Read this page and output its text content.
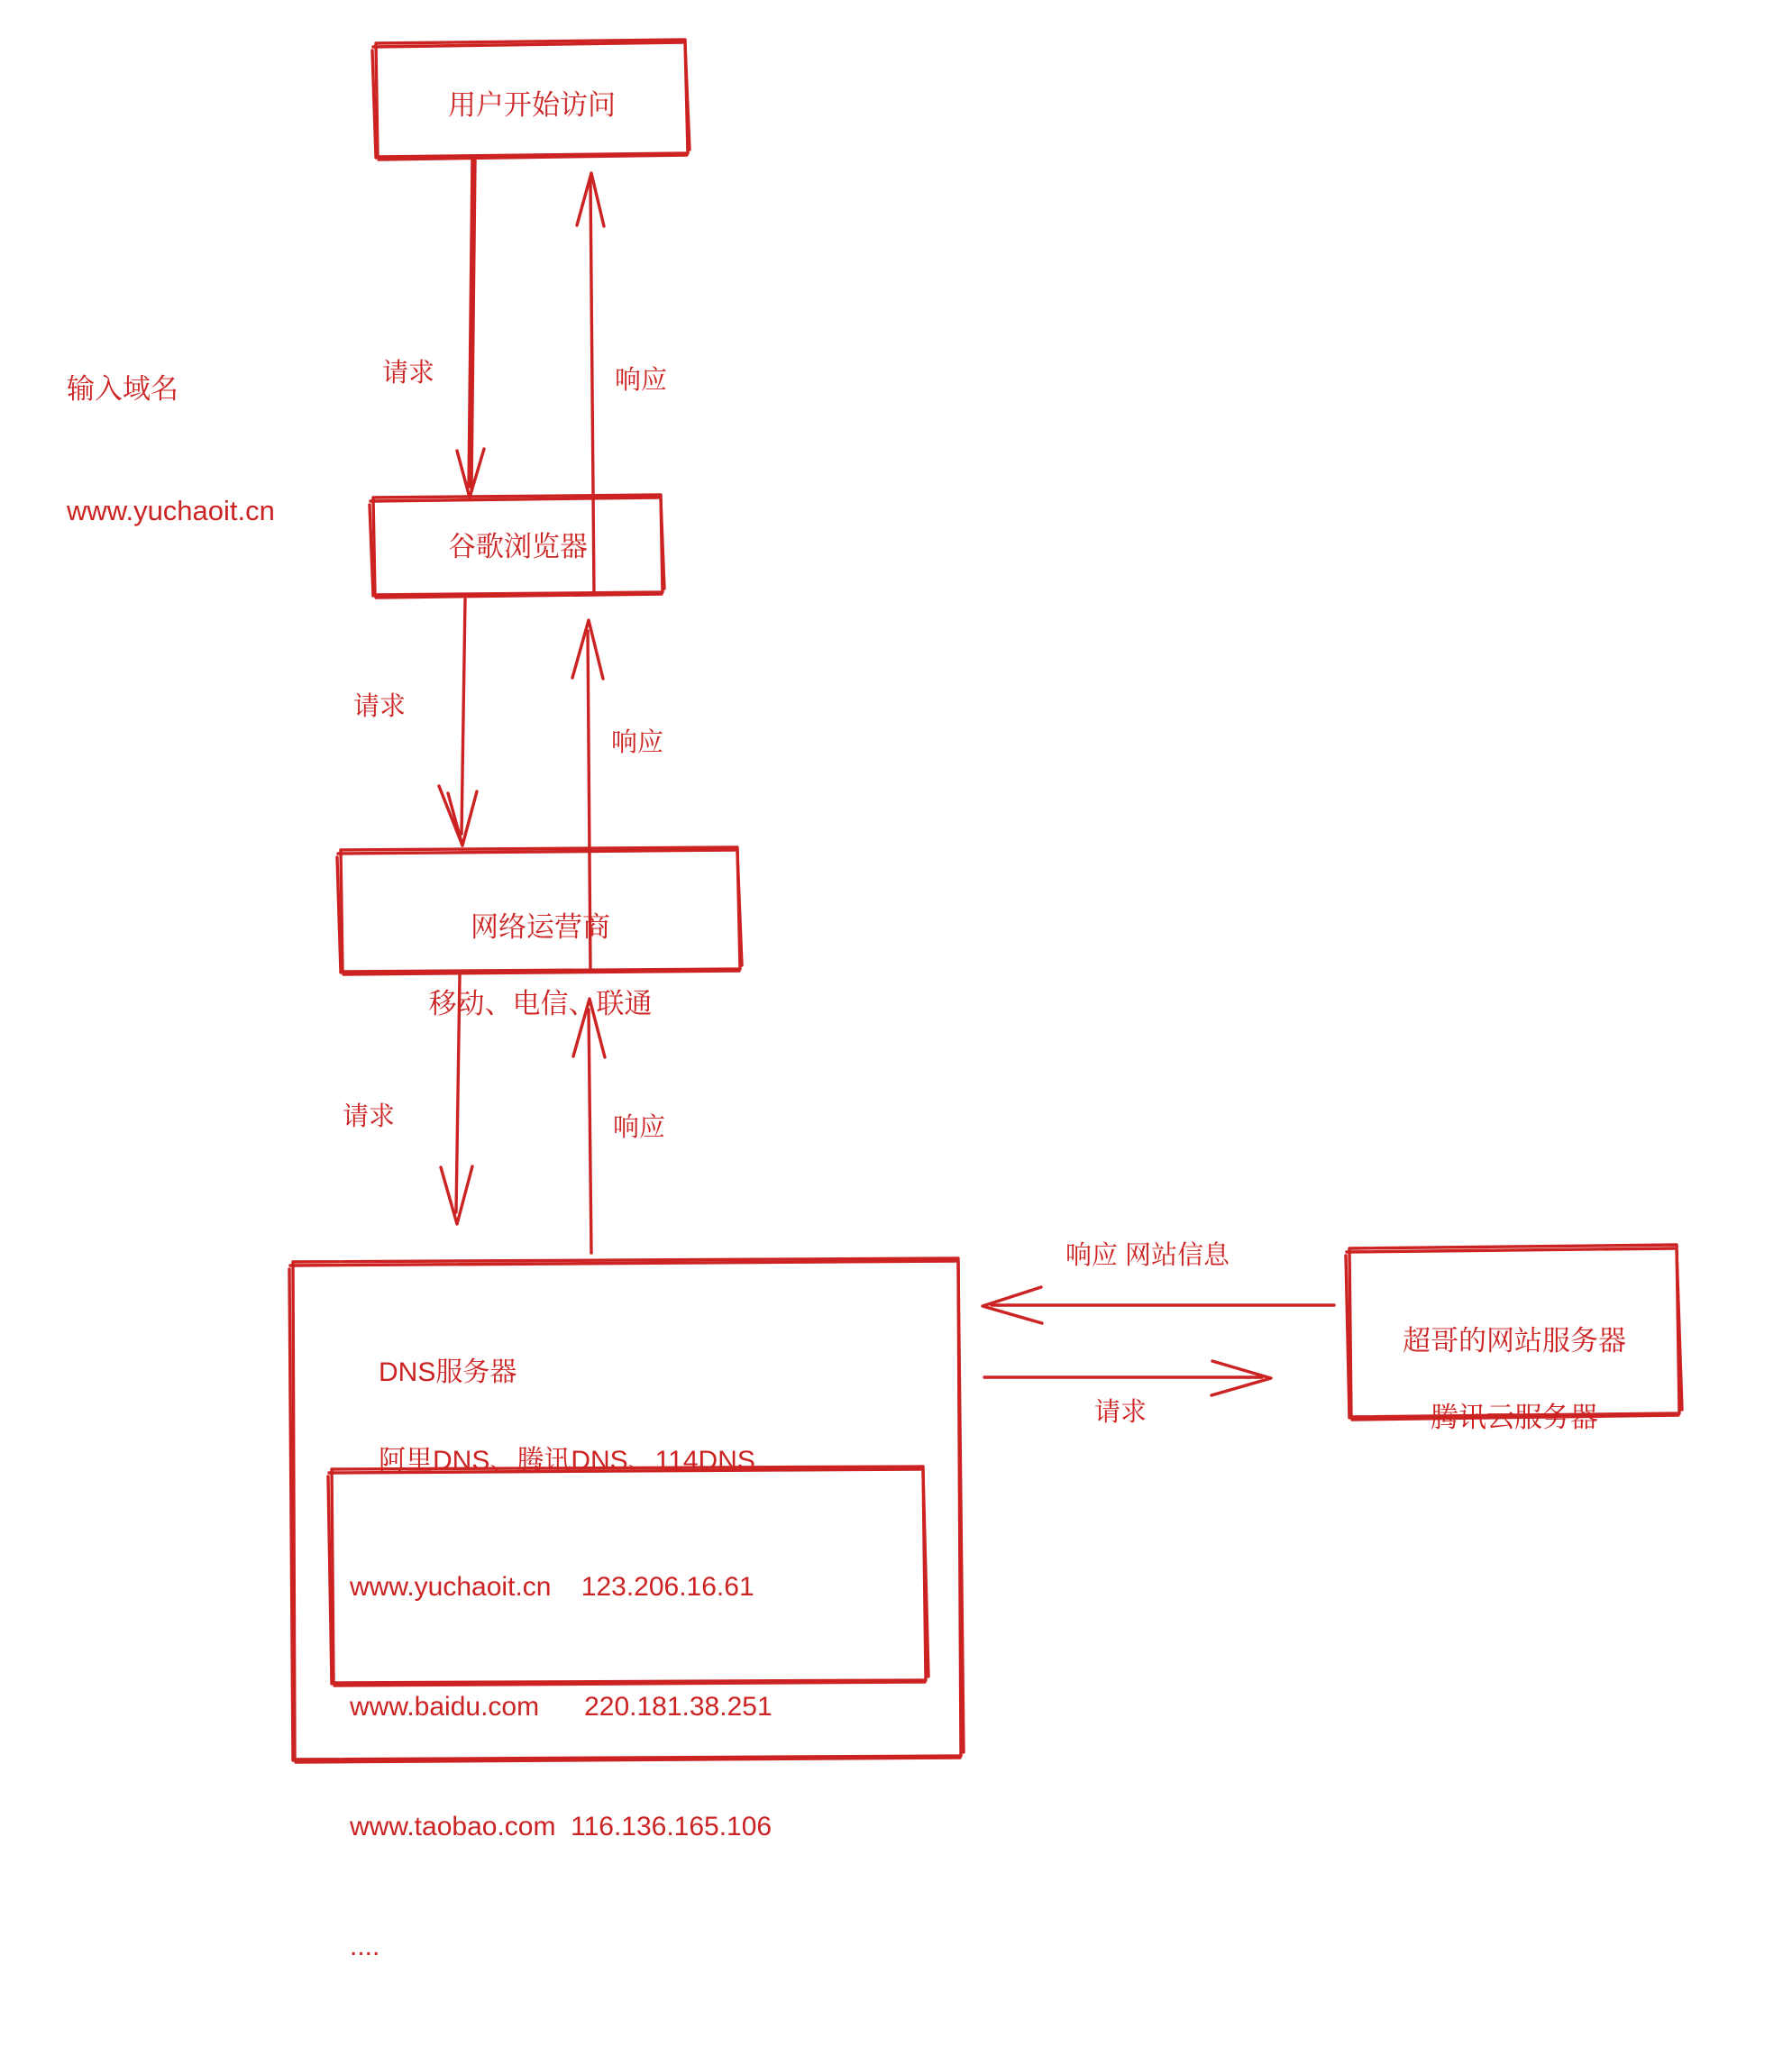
输入域名

www.yuchaoit.cn

用户开始访问
谷歌浏览器

网络运营商

移动、电信、联通

DNS服务器

阿里DNS、腾讯DNS、114DNS

www.yuchaoit.cn    123.206.16.61

www.baidu.com      220.181.38.251

www.taobao.com  116.136.165.106

....

超哥的网站服务器

腾讯云服务器

请求	响应
请求
响应
请求	响应
响应 网站信息
请求
